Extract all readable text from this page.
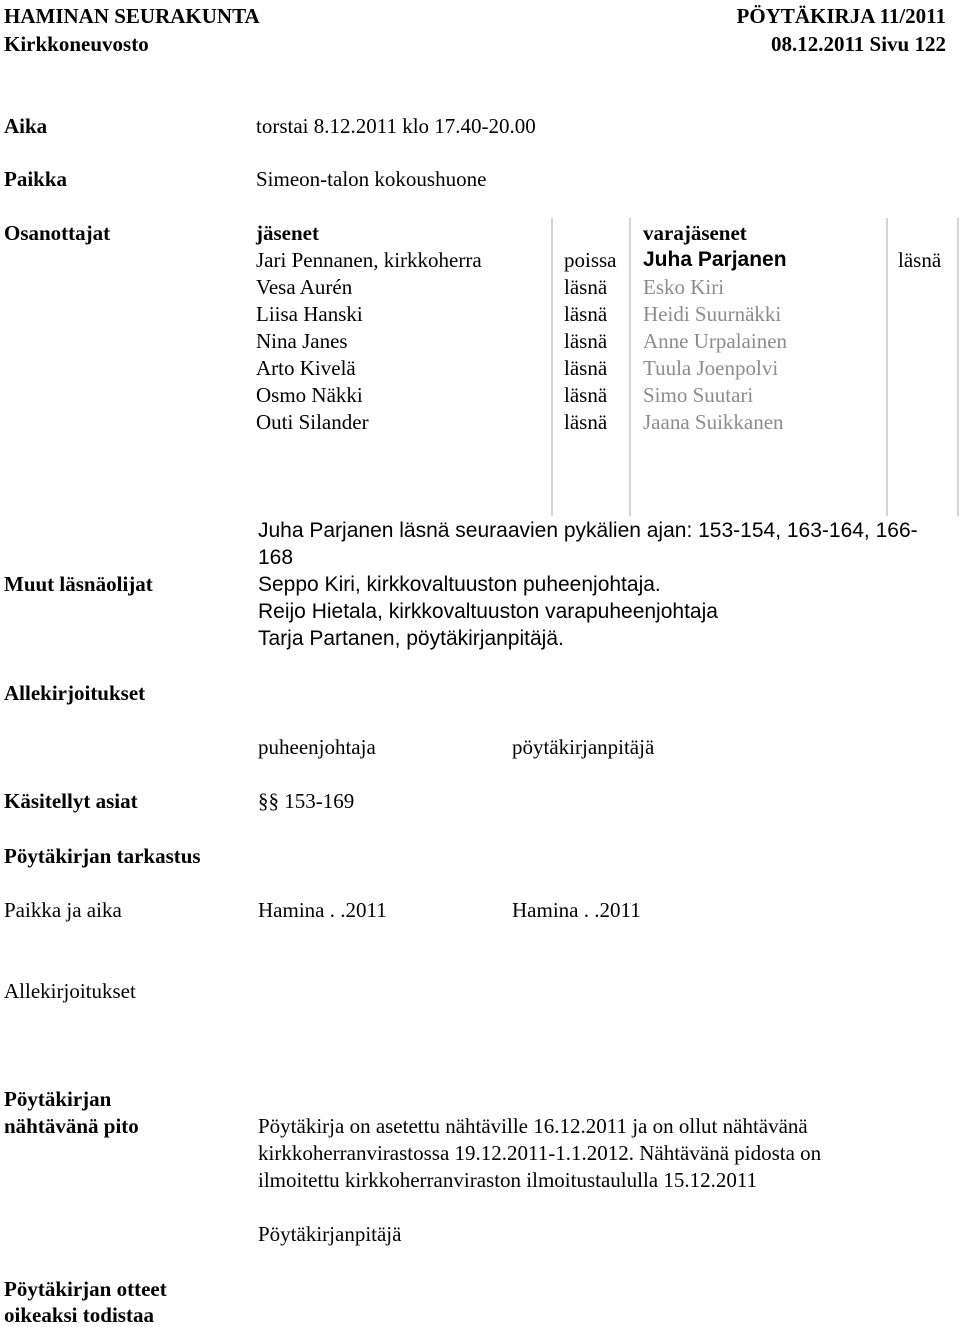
HAMINAN SEURAKUNTA
Kirkkoneuvosto
PÖYTÄKIRJA 11/2011
08.12.2011 Sivu 122
Aika	torstai 8.12.2011 klo 17.40-20.00
Paikka	Simeon-talon kokoushuone
Osanottajat	jäsenet	varajäsenet
Jari Pennanen, kirkkoherra	poissa Juha Parjanen	läsnä
Vesa Aurén	läsnä Esko Kiri
Liisa Hanski	läsnä Heidi Suurnäkki
Nina Janes	läsnä Anne Urpalainen
Arto Kivelä	läsnä Tuula Joenpolvi
Osmo Näkki	läsnä Simo Suutari
Outi Silander	läsnä Jaana Suikkanen
Muut läsnäolijat
Juha Parjanen läsnä seuraavien pykälien ajan: 153-154, 163-164, 166-
168
Seppo Kiri, kirkkovaltuuston puheenjohtaja.
Reijo Hietala, kirkkovaltuuston varapuheenjohtaja
Tarja Partanen, pöytäkirjanpitäjä.
Allekirjoitukset
puheenjohtaja	pöytäkirjanpitäjä
Käsitellyt asiat	§§ 153-169
Pöytäkirjan tarkastus
Paikka ja aika	Hamina . .2011	Hamina . .2011
Allekirjoitukset
Pöytäkirjan
nähtävänä pito	Pöytäkirja on asetettu nähtäville 16.12.2011 ja on ollut nähtävänä
kirkkoherranvirastossa 19.12.2011-1.1.2012. Nähtävänä pidosta on
ilmoitettu kirkkoherranviraston ilmoitustaululla 15.12.2011
Pöytäkirjanpitäjä
Pöytäkirjan otteet
oikeaksi todistaa
